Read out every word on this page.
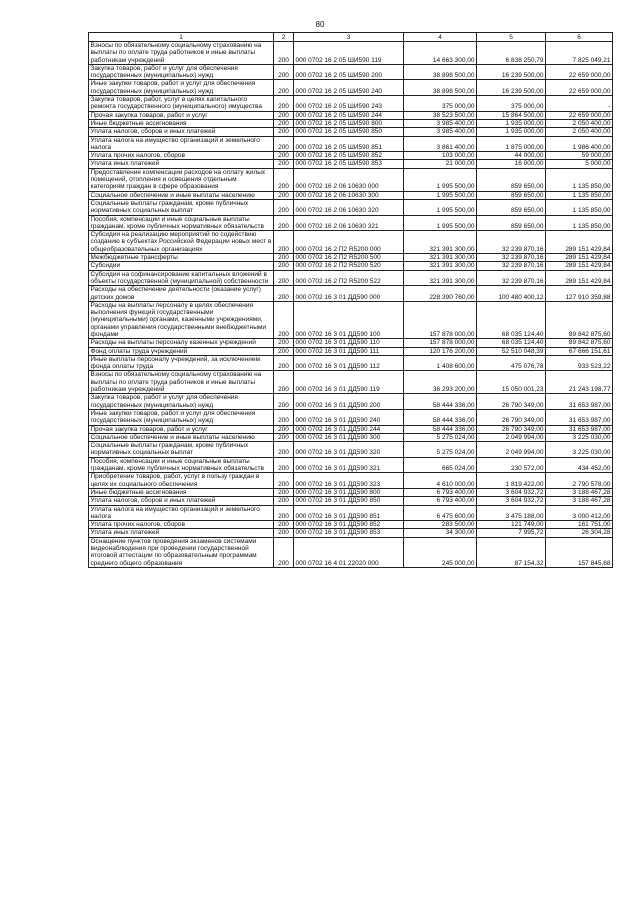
80
1	2	3	4	5	6
Взносы по обязательному социальному страхованию на выплаты по оплате труда работников и иные выплаты работникам учреждений	200	000 0702 16 2 05 ШИ590 119	14 663 300,00	6 838 250,79	7 825 049,21
Закупка товаров, работ и услуг для обеспечения государственных (муниципальных) нужд	200	000 0702 16 2 05 ШИ590 200	38 898 500,00	16 239 500,00	22 659 000,00
Иные закупки товаров, работ и услуг для обеспечения государственных (муниципальных) нужд	200	000 0702 16 2 05 ШИ590 240	38 898 500,00	16 239 500,00	22 659 000,00
Закупка товаров, работ, услуг в целях капитального ремонта государственного (муниципального) имущества	200	000 0702 16 2 05 ШИ590 243	375 000,00	375 000,00	-
Прочая закупка товаров, работ и услуг	200	000 0702 16 2 05 ШИ590 244	38 523 500,00	15 864 500,00	22 659 000,00
Иные бюджетные ассигнования	200	000 0702 16 2 05 ШИ590 800	3 985 400,00	1 935 000,00	2 050 400,00
Уплата налогов, сборов и иных платежей	200	000 0702 16 2 05 ШИ590 850	3 985 400,00	1 935 000,00	2 050 400,00
Уплата налога на имущество организаций и земельного налога	200	000 0702 16 2 05 ШИ590 851	3 861 400,00	1 875 000,00	1 986 400,00
Уплата прочих налогов, сборов	200	000 0702 16 2 05 ШИ590 852	103 000,00	44 000,00	59 000,00
Уплата иных платежей	200	000 0702 16 2 05 ШИ590 853	21 000,00	16 000,00	5 000,00
Предоставление компенсации расходов на оплату жилых помещений, отопления и освещения отдельным категориям граждан в сфере образования	200	000 0702 16 2 06 10630 000	1 995 500,00	859 650,00	1 135 850,00
Социальное обеспечение и иные выплаты населению	200	000 0702 16 2 06 10630 300	1 995 500,00	859 650,00	1 135 850,00
Социальные выплаты гражданам, кроме публичных нормативных социальных выплат	200	000 0702 16 2 06 10630 320	1 995 500,00	859 650,00	1 135 850,00
Пособия, компенсации и иные социальные выплаты гражданам, кроме публичных нормативных обязательств	200	000 0702 16 2 06 10630 321	1 995 500,00	859 650,00	1 135 850,00
Субсидии на реализацию мероприятий по содействию созданию в субъектах Российской Федерации новых мест в общеобразовательных организациях	200	000 0702 16 2 П2 R5200 000	321 391 300,00	32 239 870,16	289 151 429,84
Межбюджетные трансферты	200	000 0702 16 2 П2 R5200 500	321 391 300,00	32 239 870,16	289 151 429,84
Субсидии	200	000 0702 16 2 П2 R5200 520	321 391 300,00	32 239 870,16	289 151 429,84
Субсидии на софинансирование капитальных вложений в объекты государственной (муниципальной) собственности	200	000 0702 16 2 П2 R5200 522	321 391 300,00	32 239 870,16	289 151 429,84
Расходы на обеспечение деятельности (оказание услуг) детских домов	200	000 0702 16 3 01 ДД590 000	228 390 760,00	100 480 400,12	127 910 359,88
Расходы на выплаты персоналу в целях обеспечения выполнения функций государственными (муниципальными) органами, казенными учреждениями, органами управления государственными внебюджетными фондами	200	000 0702 16 3 01 ДД590 100	157 878 000,00	68 035 124,40	89 842 875,60
Расходы на выплаты персоналу казенных учреждений	200	000 0702 16 3 01 ДД590 110	157 878 000,00	68 035 124,40	89 842 875,60
Фонд оплаты труда учреждений	200	000 0702 16 3 01 ДД590 111	120 176 200,00	52 510 048,39	67 666 151,61
Иные выплаты персоналу учреждений, за исключением фонда оплаты труда	200	000 0702 16 3 01 ДД590 112	1 408 600,00	475 076,78	933 523,22
Взносы по обязательному социальному страхованию на выплаты по оплате труда работников и иные выплаты работникам учреждений	200	000 0702 16 3 01 ДД590 119	36 293 200,00	15 050 001,23	21 243 198,77
Закупка товаров, работ и услуг для обеспечения государственных (муниципальных) нужд	200	000 0702 16 3 01 ДД590 200	58 444 336,00	26 790 349,00	31 653 987,00
Иные закупки товаров, работ и услуг для обеспечения государственных (муниципальных) нужд	200	000 0702 16 3 01 ДД590 240	58 444 336,00	26 790 349,00	31 653 987,00
Прочая закупка товаров, работ и услуг	200	000 0702 16 3 01 ДД590 244	58 444 336,00	26 790 349,00	31 653 987,00
Социальное обеспечение и иные выплаты населению	200	000 0702 16 3 01 ДД590 300	5 275 024,00	2 049 994,00	3 225 030,00
Социальные выплаты гражданам, кроме публичных нормативных социальных выплат	200	000 0702 16 3 01 ДД590 320	5 275 024,00	2 049 994,00	3 225 030,00
Пособия, компенсации и иные социальные выплаты гражданам, кроме публичных нормативных обязательств	200	000 0702 16 3 01 ДД590 321	665 024,00	230 572,00	434 452,00
Приобретение товаров, работ, услуг в пользу граждан в целях их социального обеспечения	200	000 0702 16 3 01 ДД590 323	4 610 000,00	1 819 422,00	2 790 578,00
Иные бюджетные ассигнования	200	000 0702 16 3 01 ДД590 800	6 793 400,00	3 604 932,72	3 188 467,28
Уплата налогов, сборов и иных платежей	200	000 0702 16 3 01 ДД590 850	6 793 400,00	3 604 932,72	3 188 467,28
Уплата налога на имущество организаций и земельного налога	200	000 0702 16 3 01 ДД590 851	6 475 600,00	3 475 188,00	3 000 412,00
Уплата прочих налогов, сборов	200	000 0702 16 3 01 ДД590 852	283 500,00	121 749,00	161 751,00
Уплата иных платежей	200	000 0702 16 3 01 ДД590 853	34 300,00	7 995,72	26 304,28
Оснащение пунктов проведения экзаменов системами видеонаблюдения при проведении государственной итоговой аттестации по образовательным программам среднего общего образования	200	000 0702 16 4 01 22020 000	245 000,00	87 154,32	157 845,68
